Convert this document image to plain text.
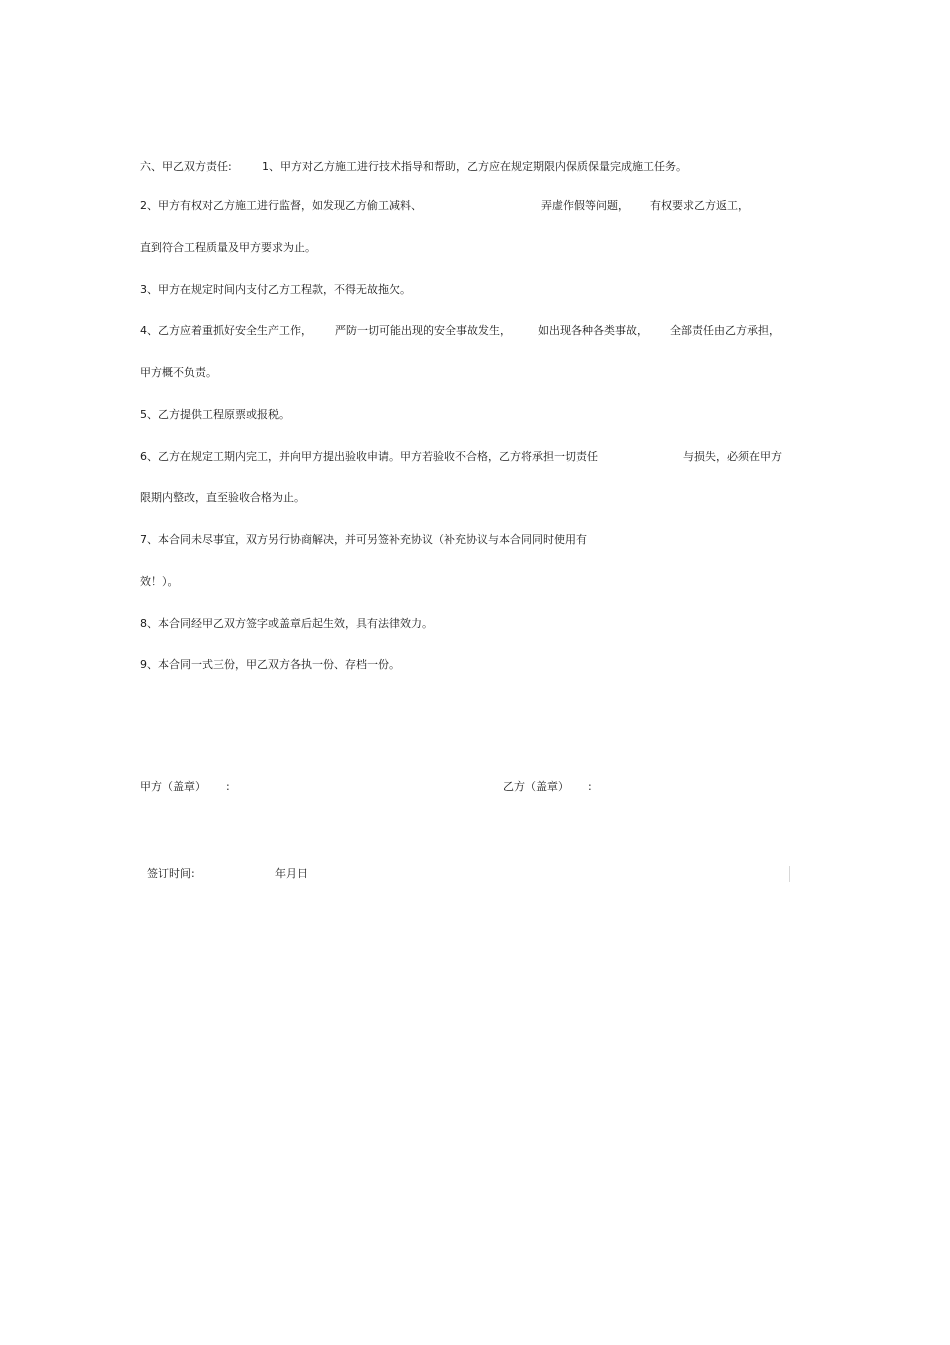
六、甲乙双方责任:	1、甲方对乙方施工进行技术指导和帮助，乙方应在规定期限内保质保量完成施工任务。
2、甲方有权对乙方施工进行监督，如发现乙方偷工减料、	弄虚作假等问题， 有权要求乙方返工，
直到符合工程质量及甲方要求为止。
3、甲方在规定时间内支付乙方工程款，不得无故拖欠。
4、乙方应着重抓好安全生产工作， 严防一切可能出现的安全事故发生， 如出现各种各类事故， 全部责任由乙方承担，
甲方概不负责。
5、乙方提供工程原票或报税。
6、乙方在规定工期内完工，并向甲方提出验收申请。甲方若验收不合格，乙方将承担一切责任	与损失，必须在甲方
限期内整改，直至验收合格为止。
7、本合同未尽事宜，双方另行协商解决，并可另签补充协议（补充协议与本合同同时使用有
效！）。
8、本合同经甲乙双方签字或盖章后起生效，具有法律效力。
9、本合同一式三份，甲乙双方各执一份、存档一份。
甲方（盖章） :	乙方（盖章） :
签订时间:	年月日
